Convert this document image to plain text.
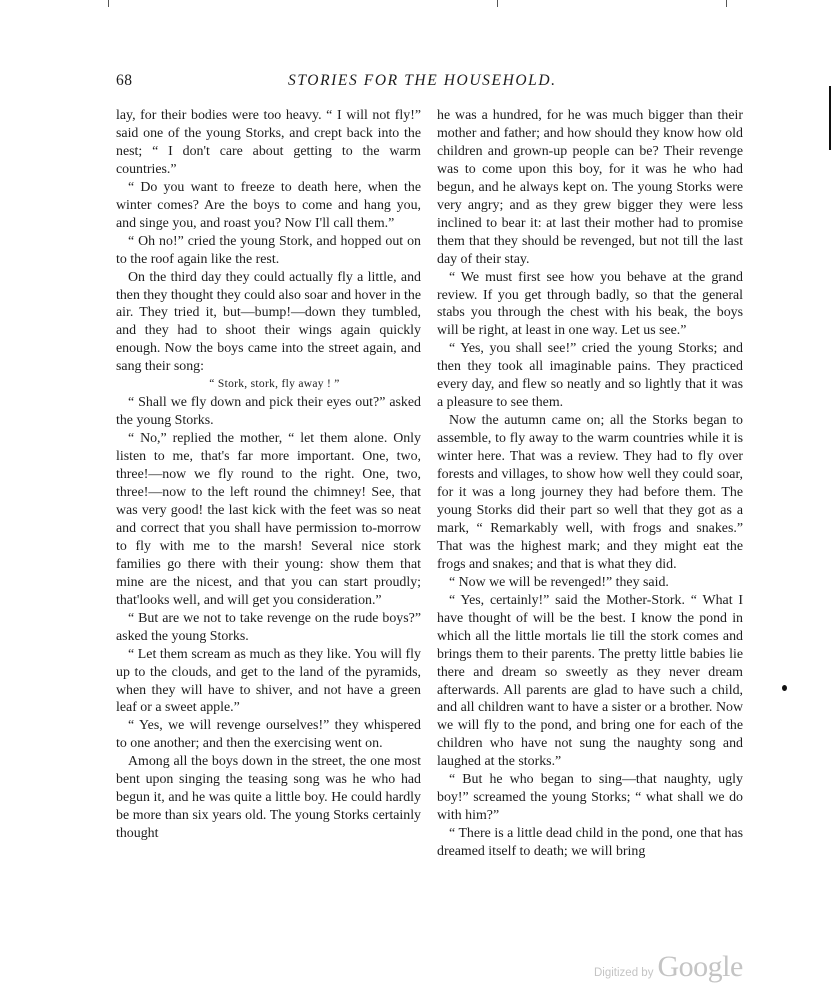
68	STORIES FOR THE HOUSEHOLD.

lay, for their bodies were too heavy. “ I will not fly!” said one of the young Storks, and crept back into the nest; “ I don't care about getting to the warm countries.”

“ Do you want to freeze to death here, when the winter comes? Are the boys to come and hang you, and singe you, and roast you? Now I'll call them.”

“ Oh no!” cried the young Stork, and hopped out on to the roof again like the rest.

On the third day they could actually fly a little, and then they thought they could also soar and hover in the air. They tried it, but—bump!—down they tumbled, and they had to shoot their wings again quickly enough. Now the boys came into the street again, and sang their song:

“ Stork, stork, fly away ! ”

“ Shall we fly down and pick their eyes out?” asked the young Storks.

“ No,” replied the mother, “ let them alone. Only listen to me, that's far more important. One, two, three!—now we fly round to the right. One, two, three!—now to the left round the chimney! See, that was very good! the last kick with the feet was so neat and correct that you shall have permission to-morrow to fly with me to the marsh! Several nice stork families go there with their young: show them that mine are the nicest, and that you can start proudly; that'looks well, and will get you consideration.”

“ But are we not to take revenge on the rude boys?” asked the young Storks.

“ Let them scream as much as they like. You will fly up to the clouds, and get to the land of the pyramids, when they will have to shiver, and not have a green leaf or a sweet apple.”

“ Yes, we will revenge ourselves!” they whispered to one another; and then the exercising went on.

Among all the boys down in the street, the one most bent upon singing the teasing song was he who had begun it, and he was quite a little boy. He could hardly be more than six years old. The young Storks certainly thought

he was a hundred, for he was much bigger than their mother and father; and how should they know how old children and grown-up people can be? Their revenge was to come upon this boy, for it was he who had begun, and he always kept on. The young Storks were very angry; and as they grew bigger they were less inclined to bear it: at last their mother had to promise them that they should be revenged, but not till the last day of their stay.

“ We must first see how you behave at the grand review. If you get through badly, so that the general stabs you through the chest with his beak, the boys will be right, at least in one way. Let us see.”

“ Yes, you shall see!” cried the young Storks; and then they took all imaginable pains. They practiced every day, and flew so neatly and so lightly that it was a pleasure to see them.

Now the autumn came on; all the Storks began to assemble, to fly away to the warm countries while it is winter here. That was a review. They had to fly over forests and villages, to show how well they could soar, for it was a long journey they had before them. The young Storks did their part so well that they got as a mark, “ Remarkably well, with frogs and snakes.” That was the highest mark; and they might eat the frogs and snakes; and that is what they did.

“ Now we will be revenged!” they said.

“ Yes, certainly!” said the Mother-Stork. “ What I have thought of will be the best. I know the pond in which all the little mortals lie till the stork comes and brings them to their parents. The pretty little babies lie there and dream so sweetly as they never dream afterwards. All parents are glad to have such a child, and all children want to have a sister or a brother. Now we will fly to the pond, and bring one for each of the children who have not sung the naughty song and laughed at the storks.”

“ But he who began to sing—that naughty, ugly boy!” screamed the young Storks; “ what shall we do with him?”

“ There is a little dead child in the pond, one that has dreamed itself to death; we will bring

Digitized by Google
